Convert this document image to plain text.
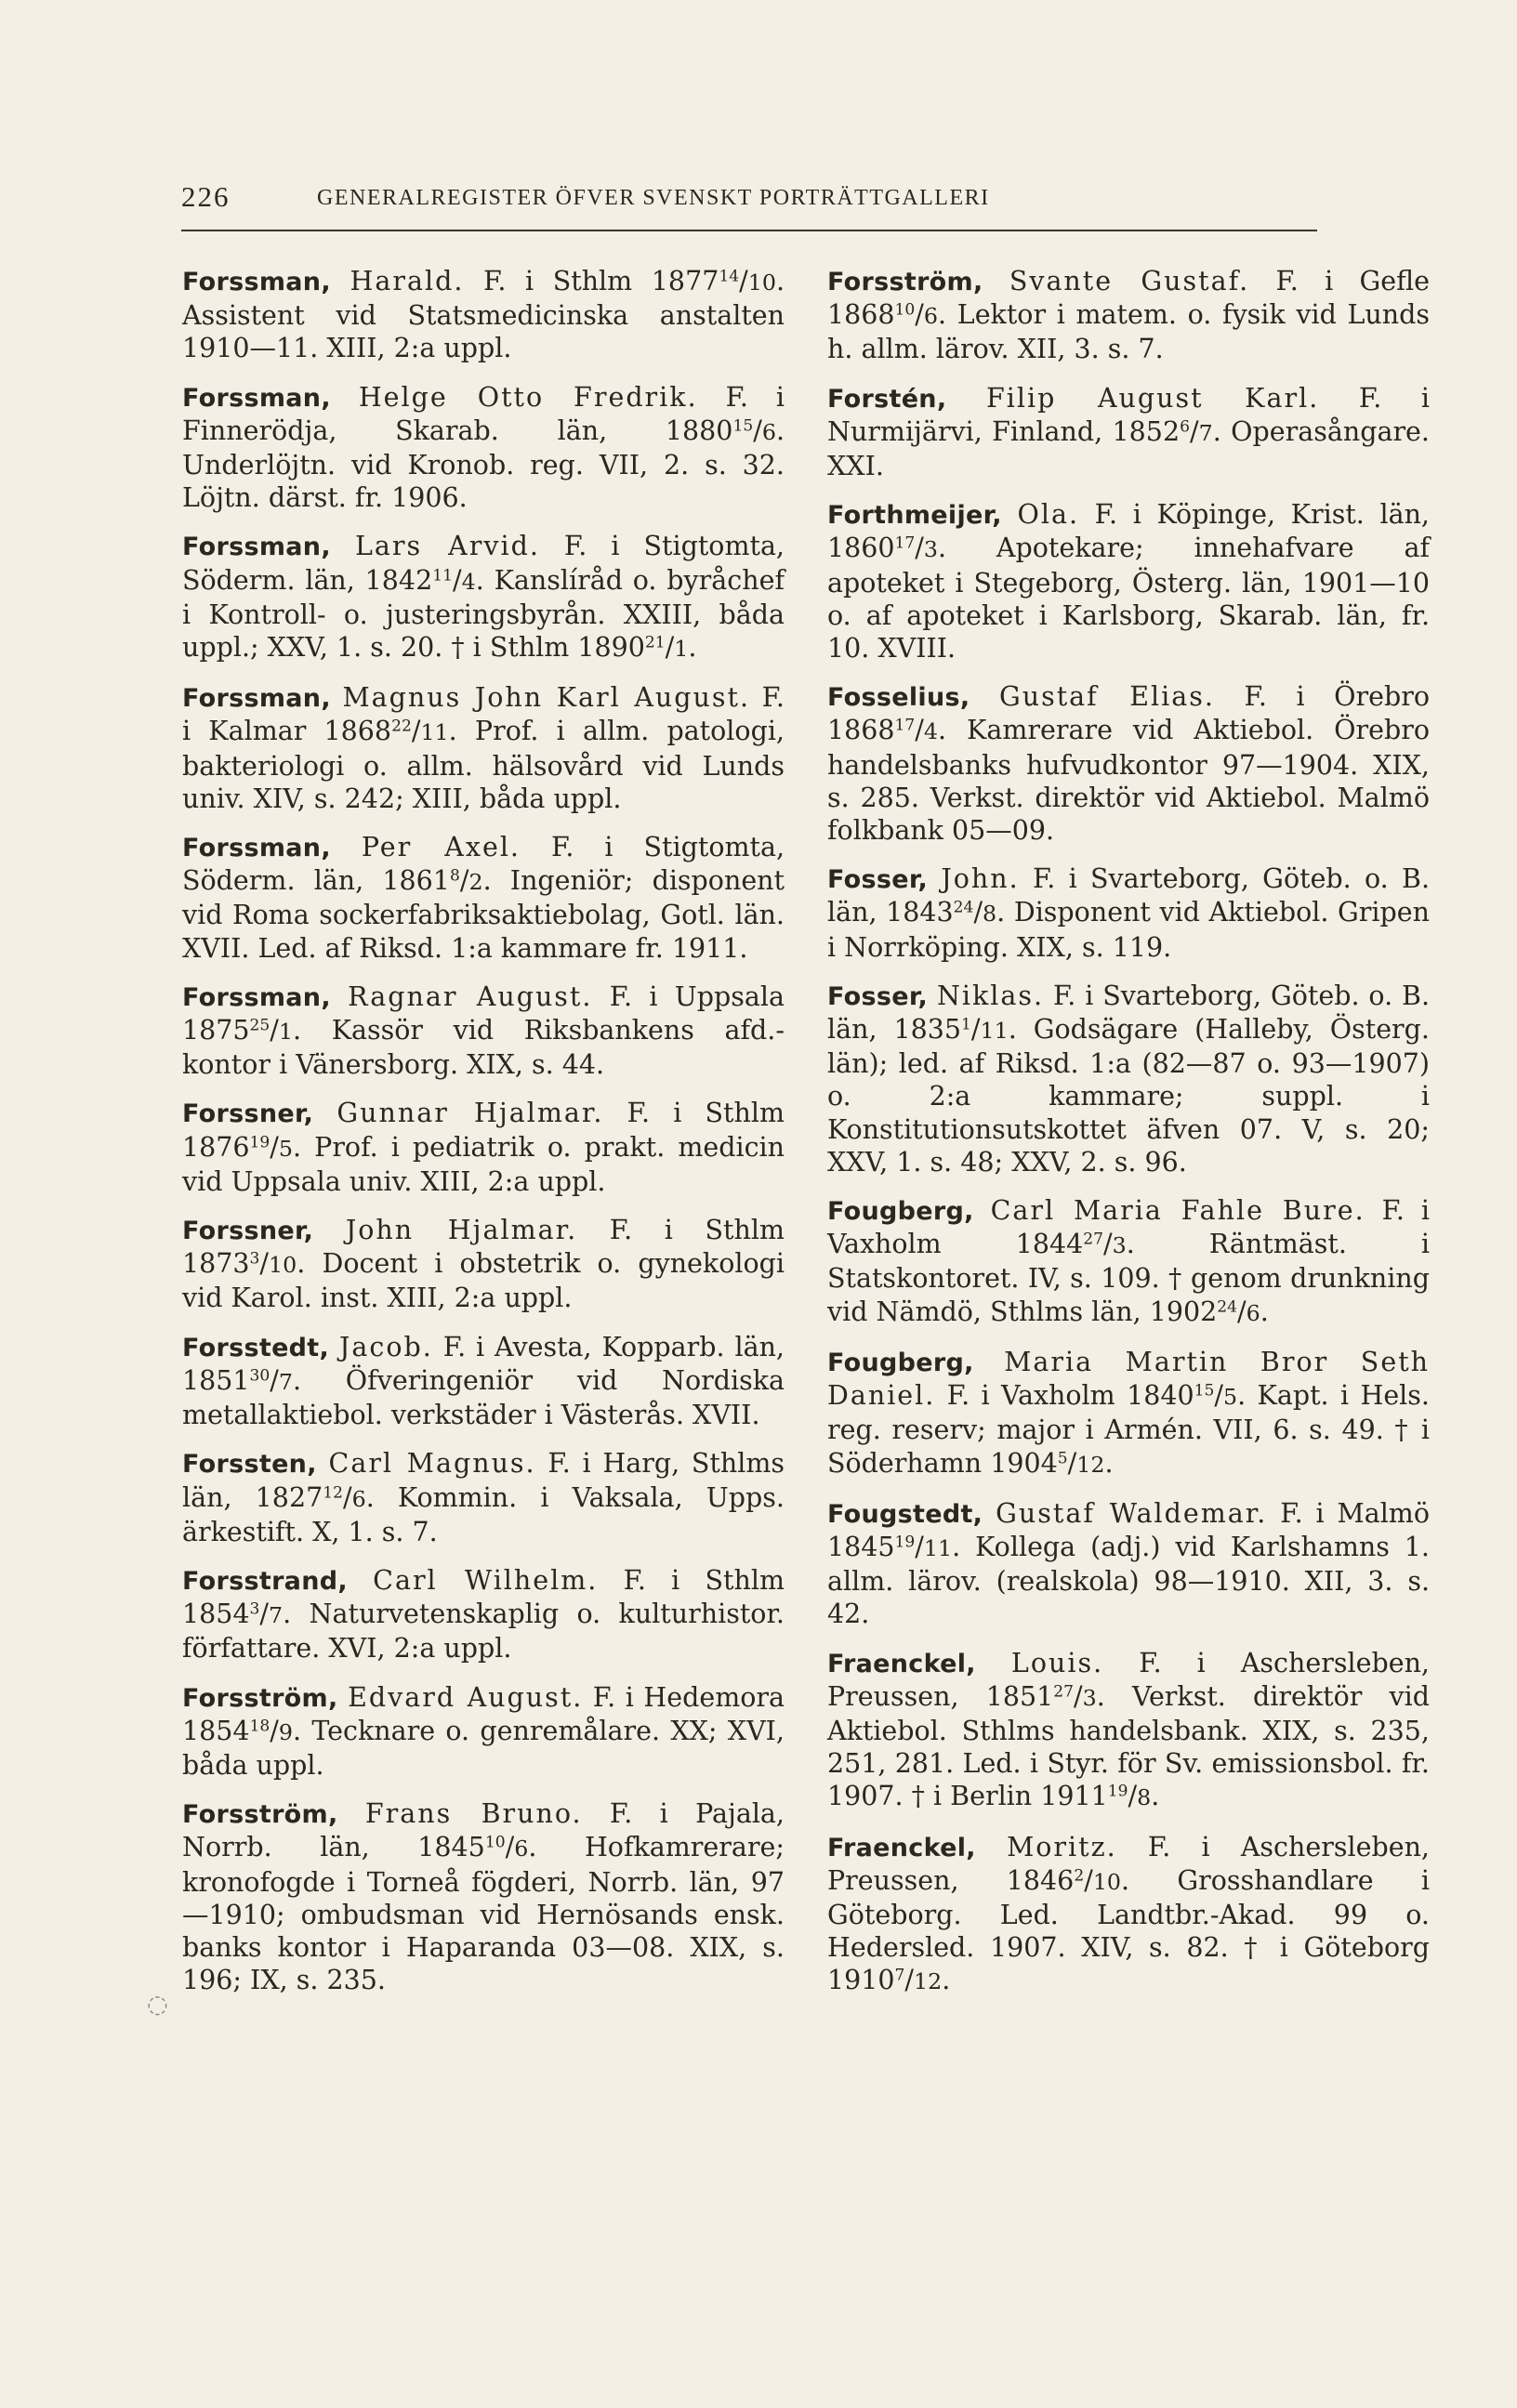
226	GENERALREGISTER ÖFVER SVENSKT PORTRÄTTGALLERI

Forssman, Harald. F. i Sthlm 1877$^{14}$/10. Assistent vid Statsmedicinska anstalten 1910—11. XIII, 2:a uppl.

Forssman, Helge Otto Fredrik. F. i Finnerödja, Skarab. län, 1880$^{15}$/6. Underlöjtn. vid Kronob. reg. VII, 2. s. 32. Löjtn. därst. fr. 1906.

Forssman, Lars Arvid. F. i Stigtomta, Söderm. län, 1842$^{11}$/4. Kanslíråd o. byråchef i Kontroll- o. justeringsbyrån. XXIII, båda uppl.; XXV, 1. s. 20. † i Sthlm 1890$^{21}$/1.

Forssman, Magnus John Karl August. F. i Kalmar 1868$^{22}$/11. Prof. i allm. patologi, bakteriologi o. allm. hälsovård vid Lunds univ. XIV, s. 242; XIII, båda uppl.

Forssman, Per Axel. F. i Stigtomta, Söderm. län, 1861$^8$/2. Ingeniör; disponent vid Roma sockerfabriksaktiebolag, Gotl. län. XVII. Led. af Riksd. 1:a kammare fr. 1911.

Forssman, Ragnar August. F. i Uppsala 1875$^{25}$/1. Kassör vid Riksbankens afd.-kontor i Vänersborg. XIX, s. 44.

Forssner, Gunnar Hjalmar. F. i Sthlm 1876$^{19}$/5. Prof. i pediatrik o. prakt. medicin vid Uppsala univ. XIII, 2:a uppl.

Forssner, John Hjalmar. F. i Sthlm 1873$^3$/10. Docent i obstetrik o. gynekologi vid Karol. inst. XIII, 2:a uppl.

Forsstedt, Jacob. F. i Avesta, Kopparb. län, 1851$^{30}$/7. Öfveringeniör vid Nordiska metallaktiebol. verkstäder i Västerås. XVII.

Forssten, Carl Magnus. F. i Harg, Sthlms län, 1827$^{12}$/6. Kommin. i Vaksala, Upps. ärkestift. X, 1. s. 7.

Forsstrand, Carl Wilhelm. F. i Sthlm 1854$^3$/7. Naturvetenskaplig o. kulturhistor. författare. XVI, 2:a uppl.

Forsström, Edvard August. F. i Hedemora 1854$^{18}$/9. Tecknare o. genremålare. XX; XVI, båda uppl.

Forsström, Frans Bruno. F. i Pajala, Norrb. län, 1845$^{10}$/6. Hofkamrerare; kronofogde i Torneå fögderi, Norrb. län, 97—1910; ombudsman vid Hernösands ensk. banks kontor i Haparanda 03—08. XIX, s. 196; IX, s. 235.

Forsström, Svante Gustaf. F. i Gefle 1868$^{10}$/6. Lektor i matem. o. fysik vid Lunds h. allm. lärov. XII, 3. s. 7.

Forstén, Filip August Karl. F. i Nurmijärvi, Finland, 1852$^6$/7. Operasångare. XXI.

Forthmeijer, Ola. F. i Köpinge, Krist. län, 1860$^{17}$/3. Apotekare; innehafvare af apoteket i Stegeborg, Österg. län, 1901—10 o. af apoteket i Karlsborg, Skarab. län, fr. 10. XVIII.

Fosselius, Gustaf Elias. F. i Örebro 1868$^{17}$/4. Kamrerare vid Aktiebol. Örebro handelsbanks hufvudkontor 97—1904. XIX, s. 285. Verkst. direktör vid Aktiebol. Malmö folkbank 05—09.

Fosser, John. F. i Svarteborg, Göteb. o. B. län, 1843$^{24}$/8. Disponent vid Aktiebol. Gripen i Norrköping. XIX, s. 119.

Fosser, Niklas. F. i Svarteborg, Göteb. o. B. län, 1835$^1$/11. Godsägare (Halleby, Österg. län); led. af Riksd. 1:a (82—87 o. 93—1907) o. 2:a kammare; suppl. i Konstitutionsutskottet äfven 07. V, s. 20; XXV, 1. s. 48; XXV, 2. s. 96.

Fougberg, Carl Maria Fahle Bure. F. i Vaxholm 1844$^{27}$/3. Räntmäst. i Statskontoret. IV, s. 109. † genom drunkning vid Nämdö, Sthlms län, 1902$^{24}$/6.

Fougberg, Maria Martin Bror Seth Daniel. F. i Vaxholm 1840$^{15}$/5. Kapt. i Hels. reg. reserv; major i Armén. VII, 6. s. 49. † i Söderhamn 1904$^5$/12.

Fougstedt, Gustaf Waldemar. F. i Malmö 1845$^{19}$/11. Kollega (adj.) vid Karlshamns 1. allm. lärov. (realskola) 98—1910. XII, 3. s. 42.

Fraenckel, Louis. F. i Aschersleben, Preussen, 1851$^{27}$/3. Verkst. direktör vid Aktiebol. Sthlms handelsbank. XIX, s. 235, 251, 281. Led. i Styr. för Sv. emissionsbol. fr. 1907. † i Berlin 1911$^{19}$/8.

Fraenckel, Moritz. F. i Aschersleben, Preussen, 1846$^2$/10. Grosshandlare i Göteborg. Led. Landtbr.-Akad. 99 o. Hedersled. 1907. XIV, s. 82. † i Göteborg 1910$^7$/12.

◌
